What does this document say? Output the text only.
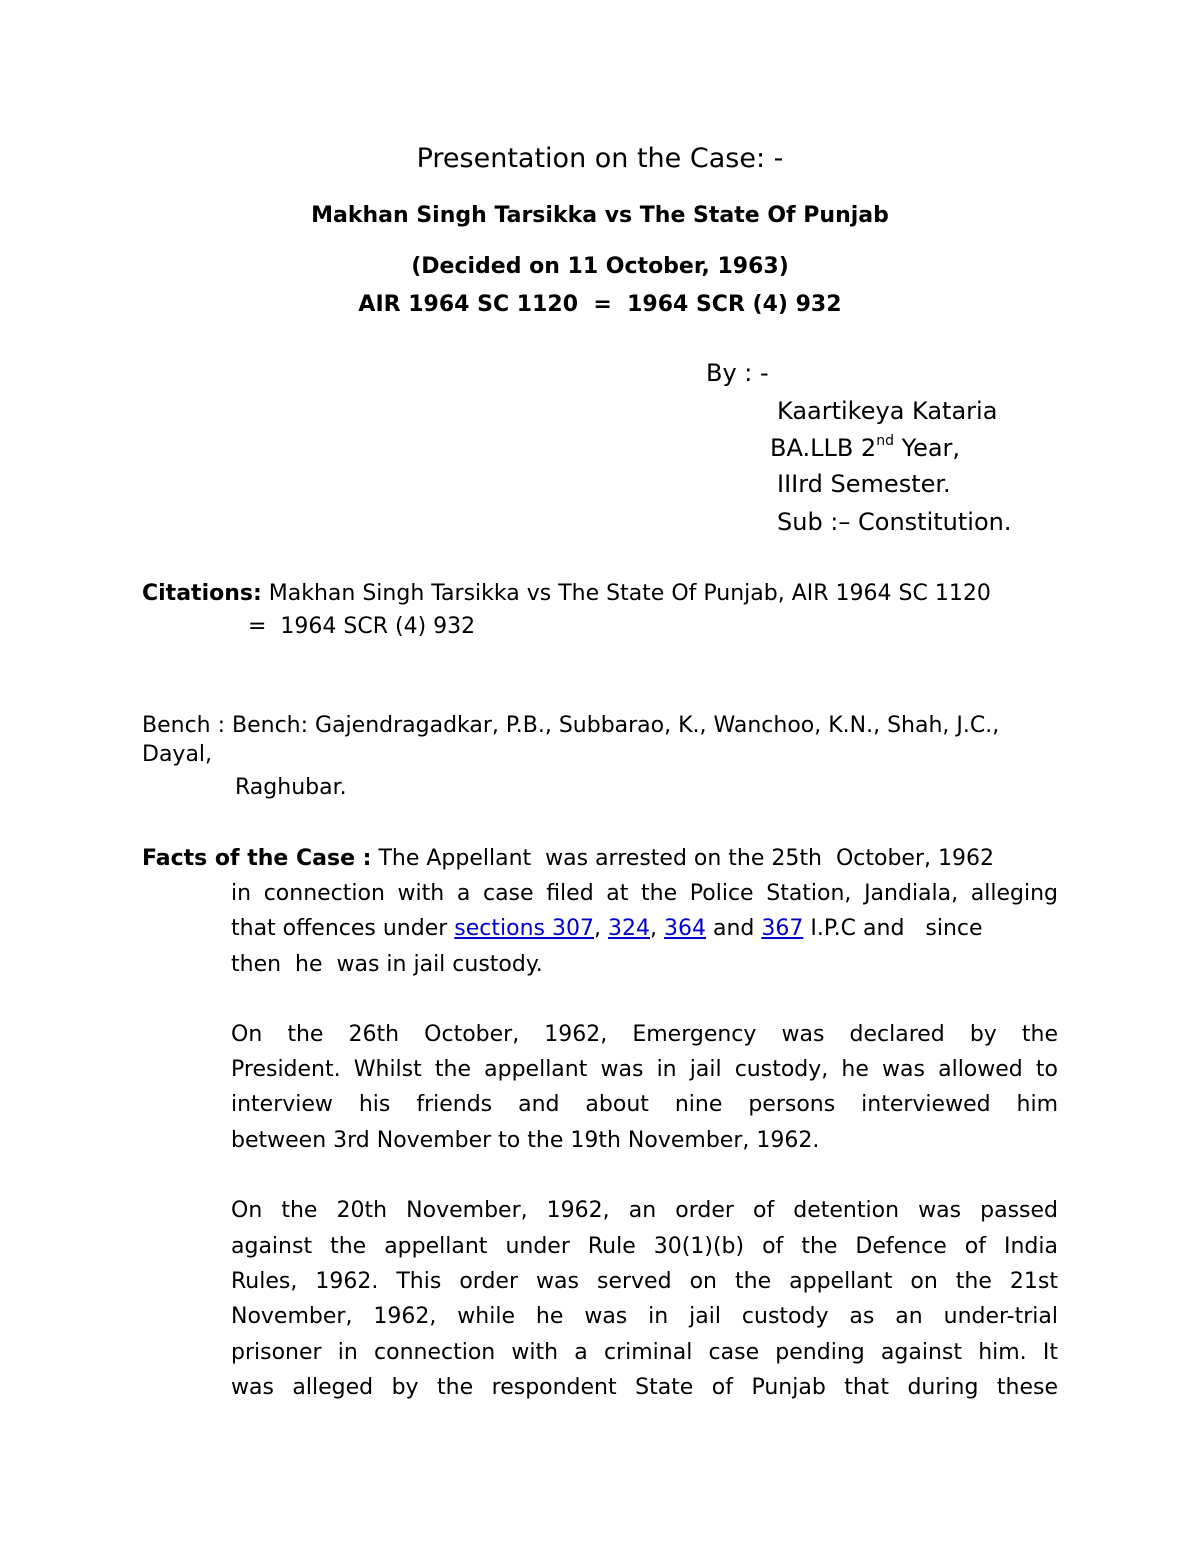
Presentation on the Case: -
Makhan Singh Tarsikka vs The State Of Punjab
(Decided on 11 October, 1963)
AIR 1964 SC 1120  =  1964 SCR (4) 932
By : -
Kaartikeya Kataria
BA.LLB 2nd Year,
IIIrd Semester.
Sub :– Constitution.
Citations: Makhan Singh Tarsikka vs The State Of Punjab, AIR 1964 SC 1120
=  1964 SCR (4) 932
Bench : Bench: Gajendragadkar, P.B., Subbarao, K., Wanchoo, K.N., Shah, J.C.,
Dayal,
Raghubar.
Facts of the Case : The Appellant  was arrested on the 25th  October, 1962
in connection with a case filed at the Police Station, Jandiala, alleging
that offences under sections 307, 324, 364 and 367 I.P.C and   since
then  he  was in jail custody.
On the 26th October, 1962, Emergency was declared by the
President. Whilst the appellant was in jail custody, he was allowed to
interview his friends and about nine persons interviewed him
between 3rd November to the 19th November, 1962.
On the 20th November, 1962, an order of detention was passed
against the appellant under Rule 30(1)(b) of the Defence of India
Rules, 1962. This order was served on the appellant on the 21st
November, 1962, while he was in jail custody as an under-trial
prisoner in connection with a criminal case pending against him. It
was alleged by the respondent State of Punjab that during these
